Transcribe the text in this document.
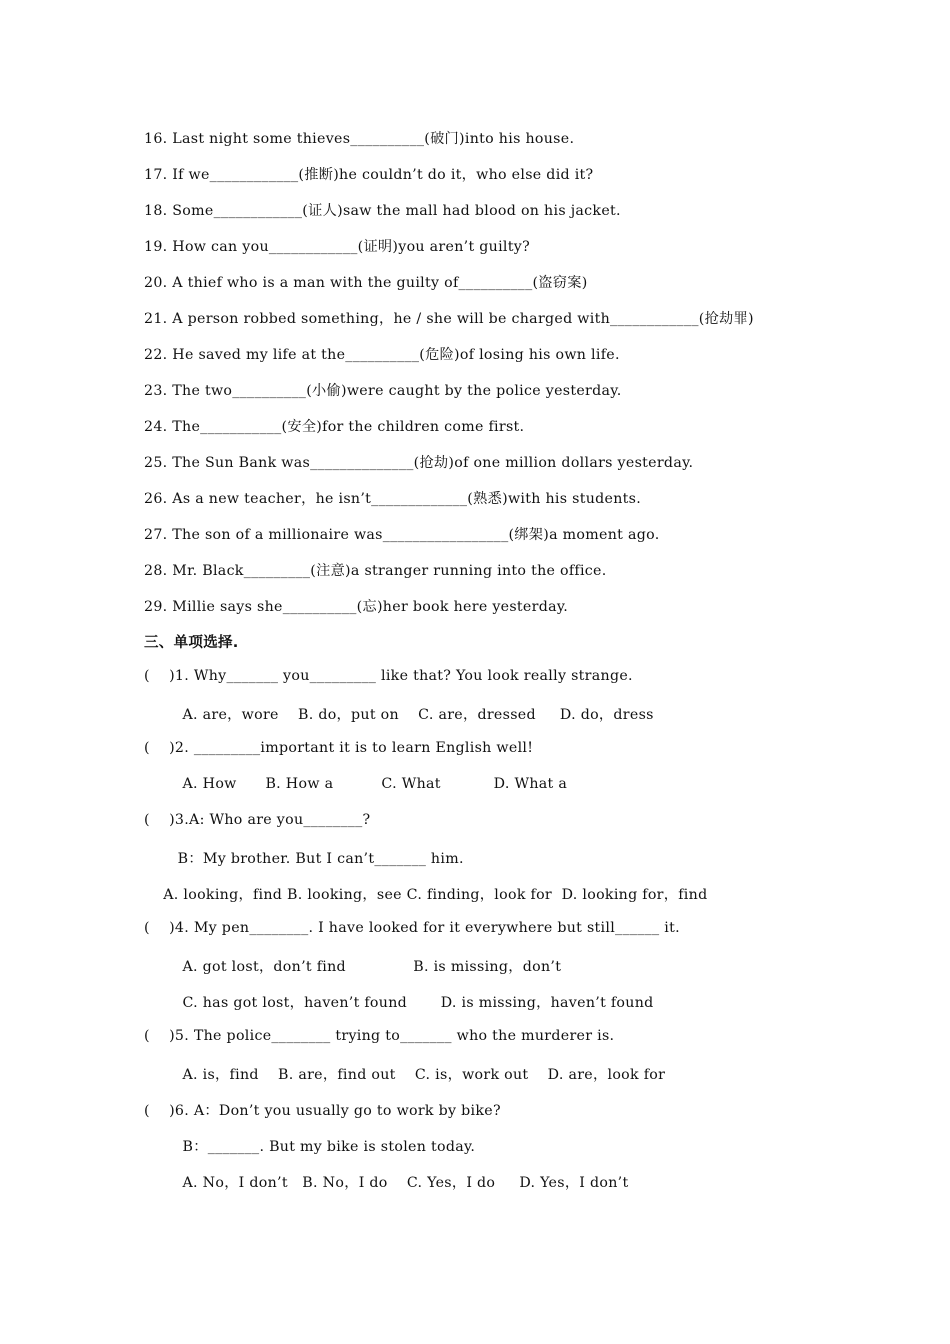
16. Last night some thieves__________(破门)into his house.
17. If we____________(推断)he couldn’t do it，who else did it?
18. Some____________(证人)saw the mall had blood on his jacket.
19. How can you____________(证明)you aren’t guilty?
20. A thief who is a man with the guilty of__________(盗窃案)
21. A person robbed something，he / she will be charged with____________(抢劫罪)
22. He saved my life at the__________(危险)of losing his own life.
23. The two__________(小偷)were caught by the police yesterday.
24. The___________(安全)for the children come first.
25. The Sun Bank was______________(抢劫)of one million dollars yesterday.
26. As a new teacher，he isn’t_____________(熟悉)with his students.
27. The son of a millionaire was_________________(绑架)a moment ago.
28. Mr. Black_________(注意)a stranger running into the office.
29. Millie says she__________(忘)her book here yesterday.
三、单项选择.
(    )1. Why_______ you_________ like that? You look really strange.
A. are，wore    B. do，put on    C. are，dressed     D. do，dress
(    )2. _________important it is to learn English well!
A. How      B. How a          C. What           D. What a
(    )3.A: Who are you________?
B：My brother. But I can’t_______ him.
A. looking，find B. looking，see C. finding，look for  D. looking for，find
(    )4. My pen________. I have looked for it everywhere but still______ it.
A. got lost，don’t find              B. is missing，don’t
C. has got lost，haven’t found       D. is missing，haven’t found
(    )5. The police________ trying to_______ who the murderer is.
A. is，find    B. are，find out    C. is，work out    D. are，look for
(    )6. A：Don’t you usually go to work by bike?
B：_______. But my bike is stolen today.
A. No，I don’t   B. No，I do    C. Yes，I do     D. Yes，I don’t
